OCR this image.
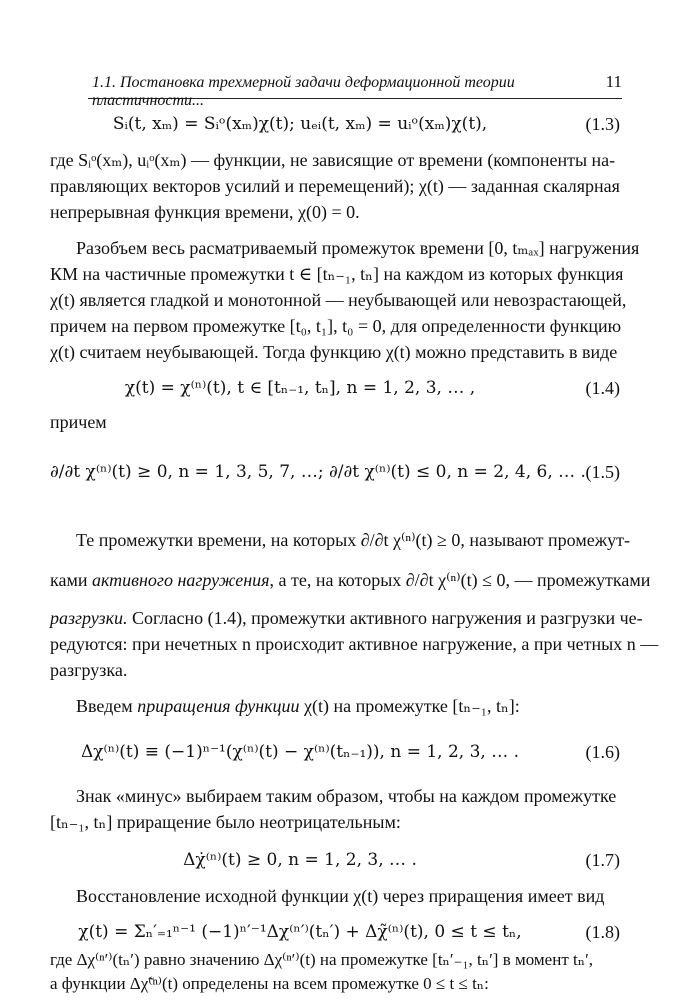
1.1. Постановка трехмерной задачи деформационной теории пластичности...
11
Sᵢ(t, xₘ) = Sᵢᵒ(xₘ)χ(t); uₑᵢ(t, xₘ) = uᵢᵒ(xₘ)χ(t),	(1.3)
где Sᵢᵒ(xₘ), uᵢᵒ(xₘ) — функции, не зависящие от времени (компоненты на-
правляющих векторов усилий и перемещений); χ(t) — заданная скалярная
непрерывная функция времени, χ(0) = 0.
Разобъем весь расматриваемый промежуток времени [0, tₘₐₓ] нагружения
КМ на частичные промежутки t ∈ [tₙ₋₁, tₙ] на каждом из которых функция
χ(t) является гладкой и монотонной — неубывающей или невозрастающей,
причем на первом промежутке [t₀, t₁], t₀ = 0, для определенности функцию
χ(t) считаем неубывающей. Тогда функцию χ(t) можно представить в виде
χ(t) = χ⁽ⁿ⁾(t), t ∈ [tₙ₋₁, tₙ], n = 1, 2, 3, … ,	(1.4)
причем
∂/∂t χ⁽ⁿ⁾(t) ≥ 0, n = 1, 3, 5, 7, …; ∂/∂t χ⁽ⁿ⁾(t) ≤ 0, n = 2, 4, 6, … . (1.5)
Те промежутки времени, на которых ∂/∂t χ⁽ⁿ⁾(t) ≥ 0, называют промежут-
ками активного нагружения, а те, на которых ∂/∂t χ⁽ⁿ⁾(t) ≤ 0, — промежутками
разгрузки. Согласно (1.4), промежутки активного нагружения и разгрузки че-
редуются: при нечетных n происходит активное нагружение, а при четных n —
разгрузка.
Введем приращения функции χ(t) на промежутке [tₙ₋₁, tₙ]:
Δχ⁽ⁿ⁾(t) ≡ (−1)ⁿ⁻¹(χ⁽ⁿ⁾(t) − χ⁽ⁿ⁾(tₙ₋₁)), n = 1, 2, 3, … .	(1.6)
Знак «минус» выбираем таким образом, чтобы на каждом промежутке
[tₙ₋₁, tₙ] приращение было неотрицательным:
Δχ̇⁽ⁿ⁾(t) ≥ 0, n = 1, 2, 3, … .	(1.7)
Восстановление исходной функции χ(t) через приращения имеет вид
χ(t) = Σₙ′₌₁ⁿ⁻¹ (−1)ⁿ′⁻¹Δχ⁽ⁿ′⁾(tₙ′) + Δχ̃⁽ⁿ⁾(t), 0 ≤ t ≤ tₙ,	(1.8)
где Δχ⁽ⁿ′⁾(tₙ′) равно значению Δχ⁽ⁿ′⁾(t) на промежутке [tₙ′₋₁, tₙ′] в момент tₙ′,
а функции Δχ̃⁽ⁿ⁾(t) определены на всем промежутке 0 ≤ t ≤ tₙ:
